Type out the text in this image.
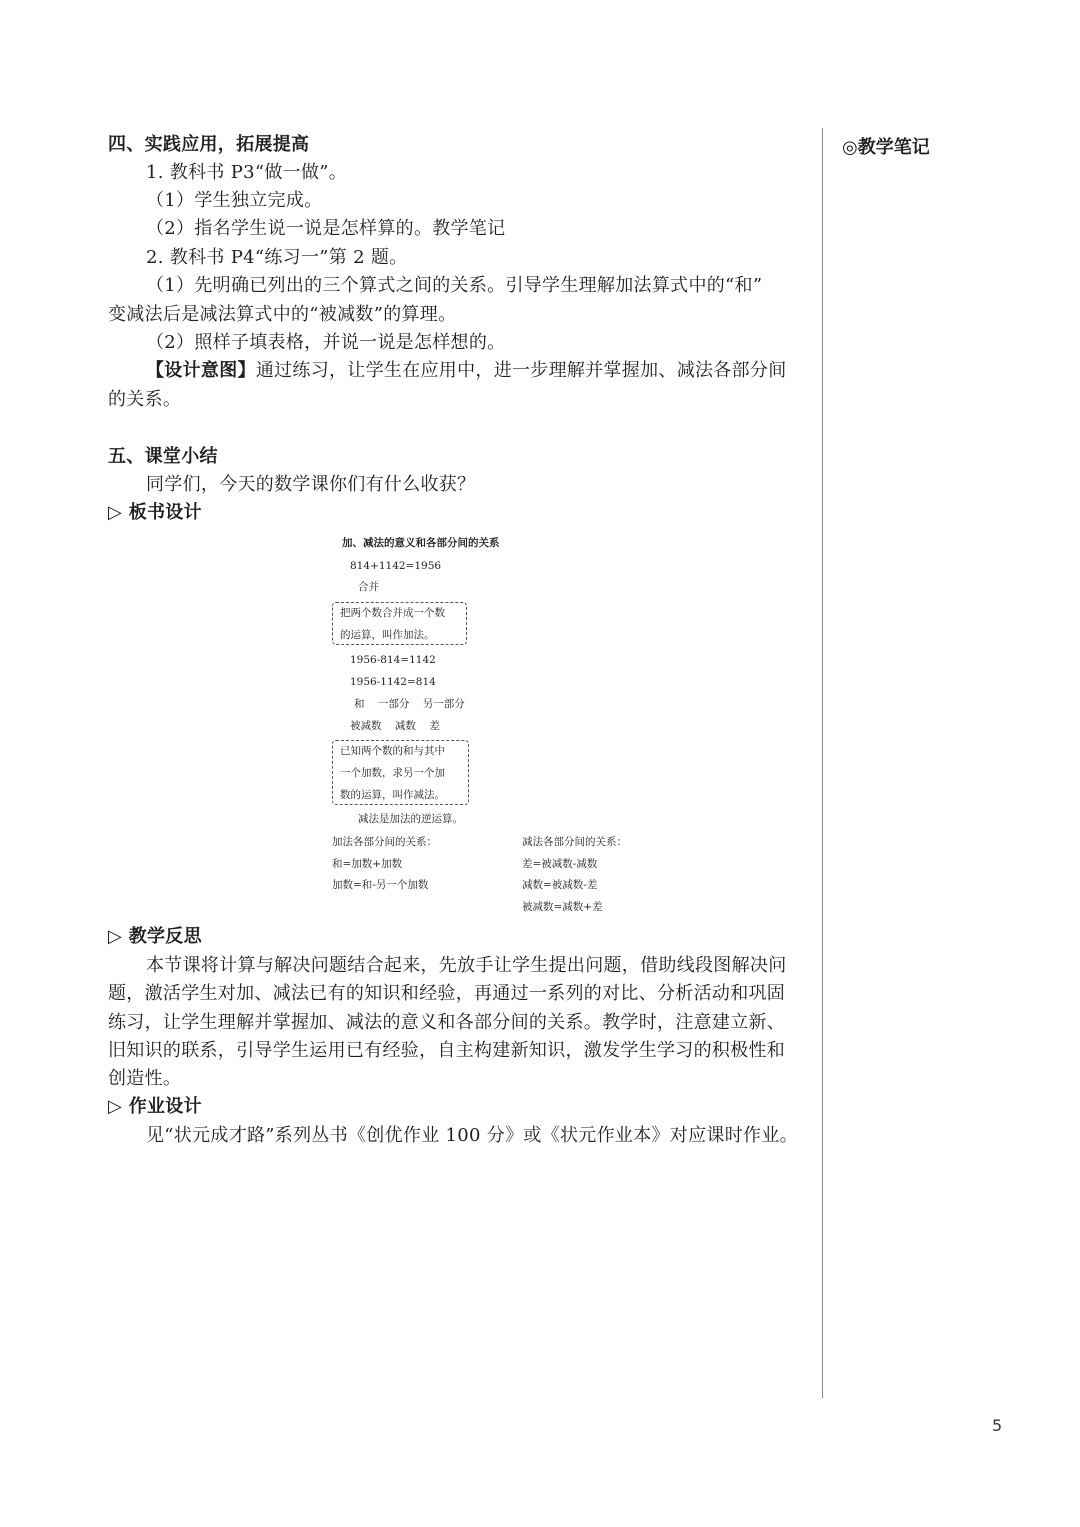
◎教学笔记
四、实践应用，拓展提高
1. 教科书 P3“做一做”。
（1）学生独立完成。
（2）指名学生说一说是怎样算的。教学笔记
2. 教科书 P4“练习一”第 2 题。
（1）先明确已列出的三个算式之间的关系。引导学生理解加法算式中的“和”
变减法后是减法算式中的“被减数”的算理。
（2）照样子填表格，并说一说是怎样想的。
【设计意图】通过练习，让学生在应用中，进一步理解并掌握加、减法各部分间
的关系。
五、课堂小结
同学们，今天的数学课你们有什么收获？
▷ 板书设计
▷ 教学反思
本节课将计算与解决问题结合起来，先放手让学生提出问题，借助线段图解决问
题，激活学生对加、减法已有的知识和经验，再通过一系列的对比、分析活动和巩固
练习，让学生理解并掌握加、减法的意义和各部分间的关系。教学时，注意建立新、
旧知识的联系，引导学生运用已有经验，自主构建新知识，激发学生学习的积极性和
创造性。
▷ 作业设计
见“状元成才路”系列丛书《创优作业 100 分》或《状元作业本》对应课时作业。
加、减法的意义和各部分间的关系
814+1142=1956
合并
把两个数合并成一个数
的运算，叫作加法。
1956-814=1142
1956-1142=814
和    一部分    另一部分
被减数    减数    差
已知两个数的和与其中
一个加数，求另一个加
数的运算，叫作减法。
减法是加法的逆运算。
加法各部分间的关系：
和=加数+加数
加数=和-另一个加数
减法各部分间的关系：
差=被减数-减数
减数=被减数-差
被减数=减数+差
5
